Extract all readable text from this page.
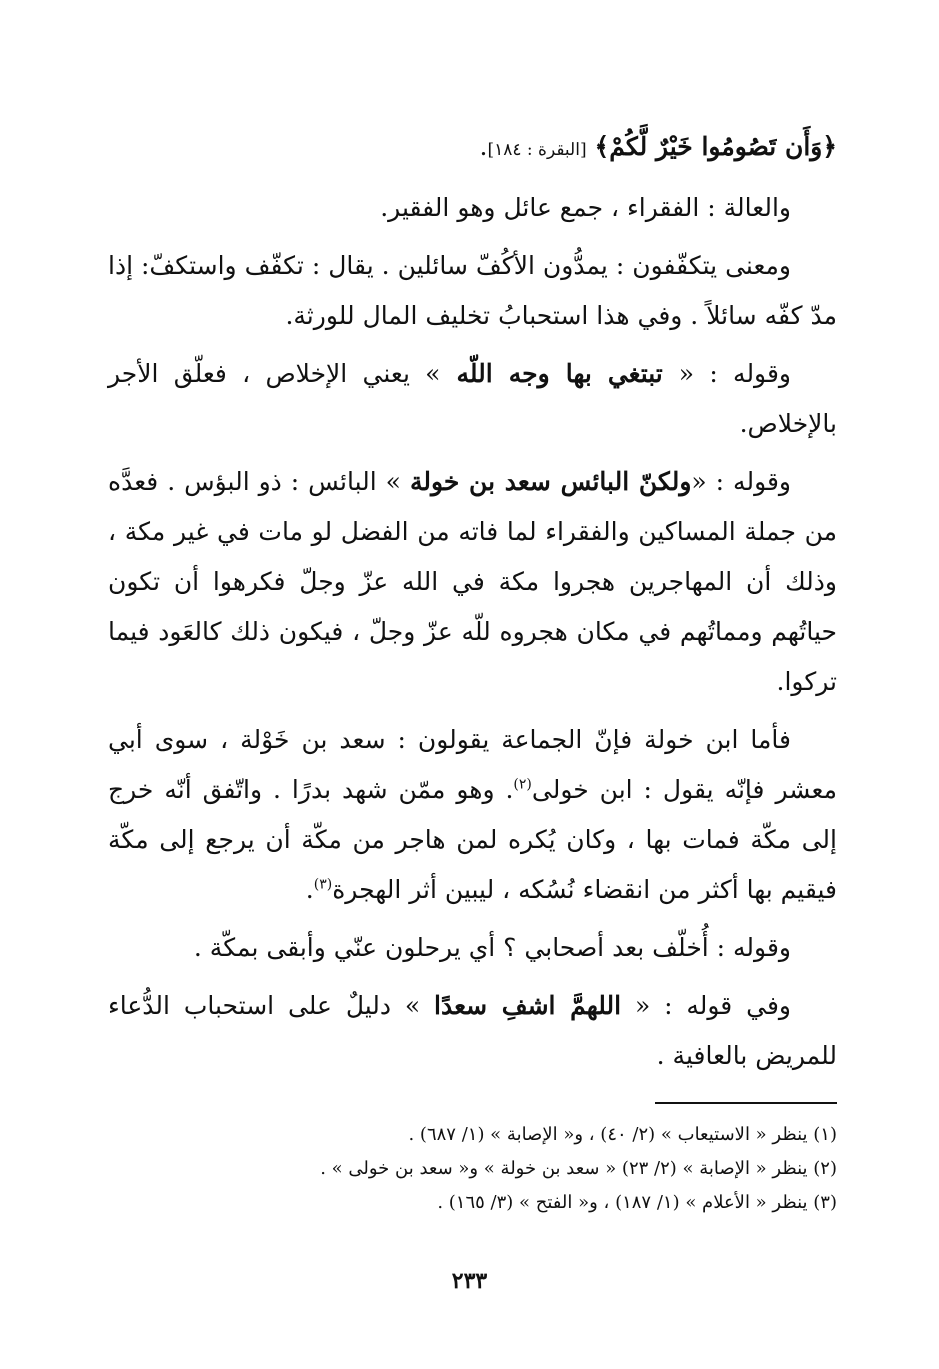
﴿وَأَن تَصُومُوا خَيْرٌ لَّكُمْ﴾ [البقرة : ١٨٤].

والعالة : الفقراء ، جمع عائل وهو الفقير.

ومعنى يتكفّفون : يمدُّون الأكُفّ سائلين . يقال : تكفّف واستكفّ: إذا مدّ كفّه سائلاً . وفي هذا استحبابُ تخليف المال للورثة.

وقوله : « تبتغي بها وجه اللّه » يعني الإخلاص ، فعلّق الأجر بالإخلاص.

وقوله : «ولكنّ البائس سعد بن خولة » البائس : ذو البؤس . فعدَّه من جملة المساكين والفقراء لما فاته من الفضل لو مات في غير مكة ، وذلك أن المهاجرين هجروا مكة في الله عزّ وجلّ فكرهوا أن تكون حياتُهم ومماتُهم في مكان هجروه للّه عزّ وجلّ ، فيكون ذلك كالعَود فيما تركوا.

فأما ابن خولة فإنّ الجماعة يقولون : سعد بن خَوْلة ، سوى أبي معشر فإنّه يقول : ابن خولى$^{(٢)}$. وهو ممّن شهد بدرًا . واتّفق أنّه خرج إلى مكّة فمات بها ، وكان يُكره لمن هاجر من مكّة أن يرجع إلى مكّة فيقيم بها أكثر من انقضاء نُسُكه ، ليبين أثر الهجرة$^{(٣)}$.

وقوله : أُخلّف بعد أصحابي ؟ أي يرحلون عنّي وأبقى بمكّة .

وفي قوله : « اللهمَّ اشفِ سعدًا » دليلٌ على استحباب الدُّعاء للمريض بالعافية .

(١) ينظر « الاستيعاب » (٢/ ٤٠) ، و« الإصابة » (١/ ٦٨٧) .

(٢) ينظر « الإصابة » (٢/ ٢٣) « سعد بن خولة » و« سعد بن خولى » .

(٣) ينظر « الأعلام » (١/ ١٨٧) ، و« الفتح » (٣/ ١٦٥) .

٢٣٣
